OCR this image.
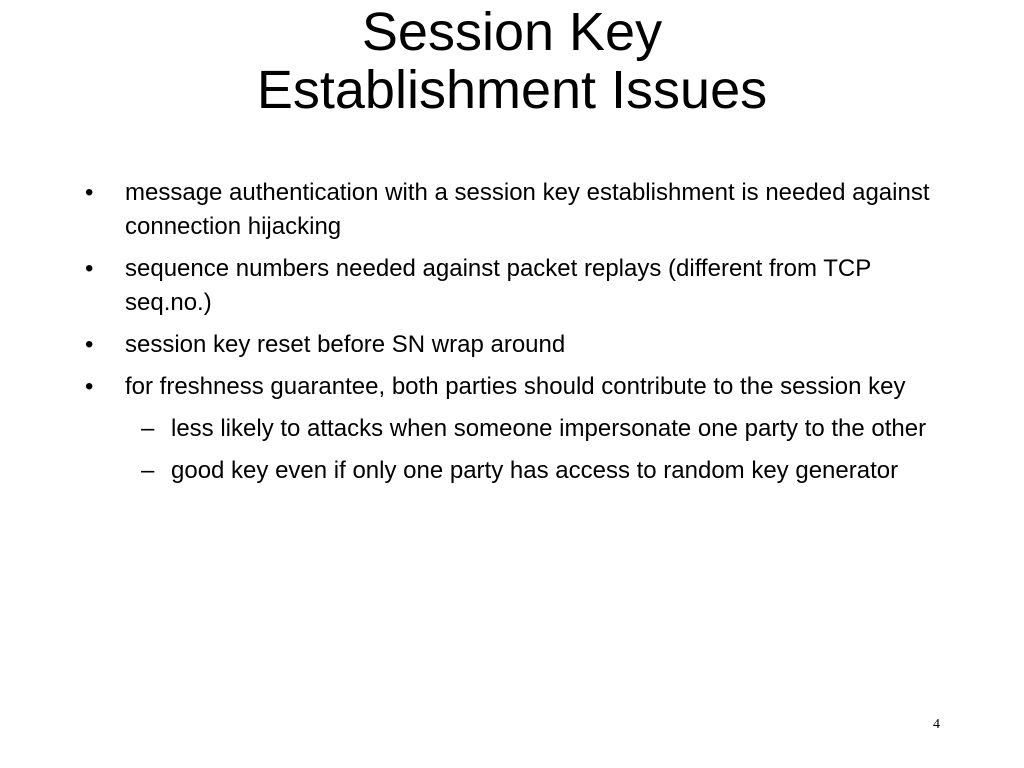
Session Key
Establishment Issues
•	message authentication with a session key establishment is needed against connection hijacking
•	sequence numbers needed against packet replays (different from TCP seq.no.)
•	session key reset before SN wrap around
•	for freshness guarantee, both parties should contribute to the session key
– less likely to attacks when someone impersonate one party to the other
– good key even if only one party has access to random key generator
4
